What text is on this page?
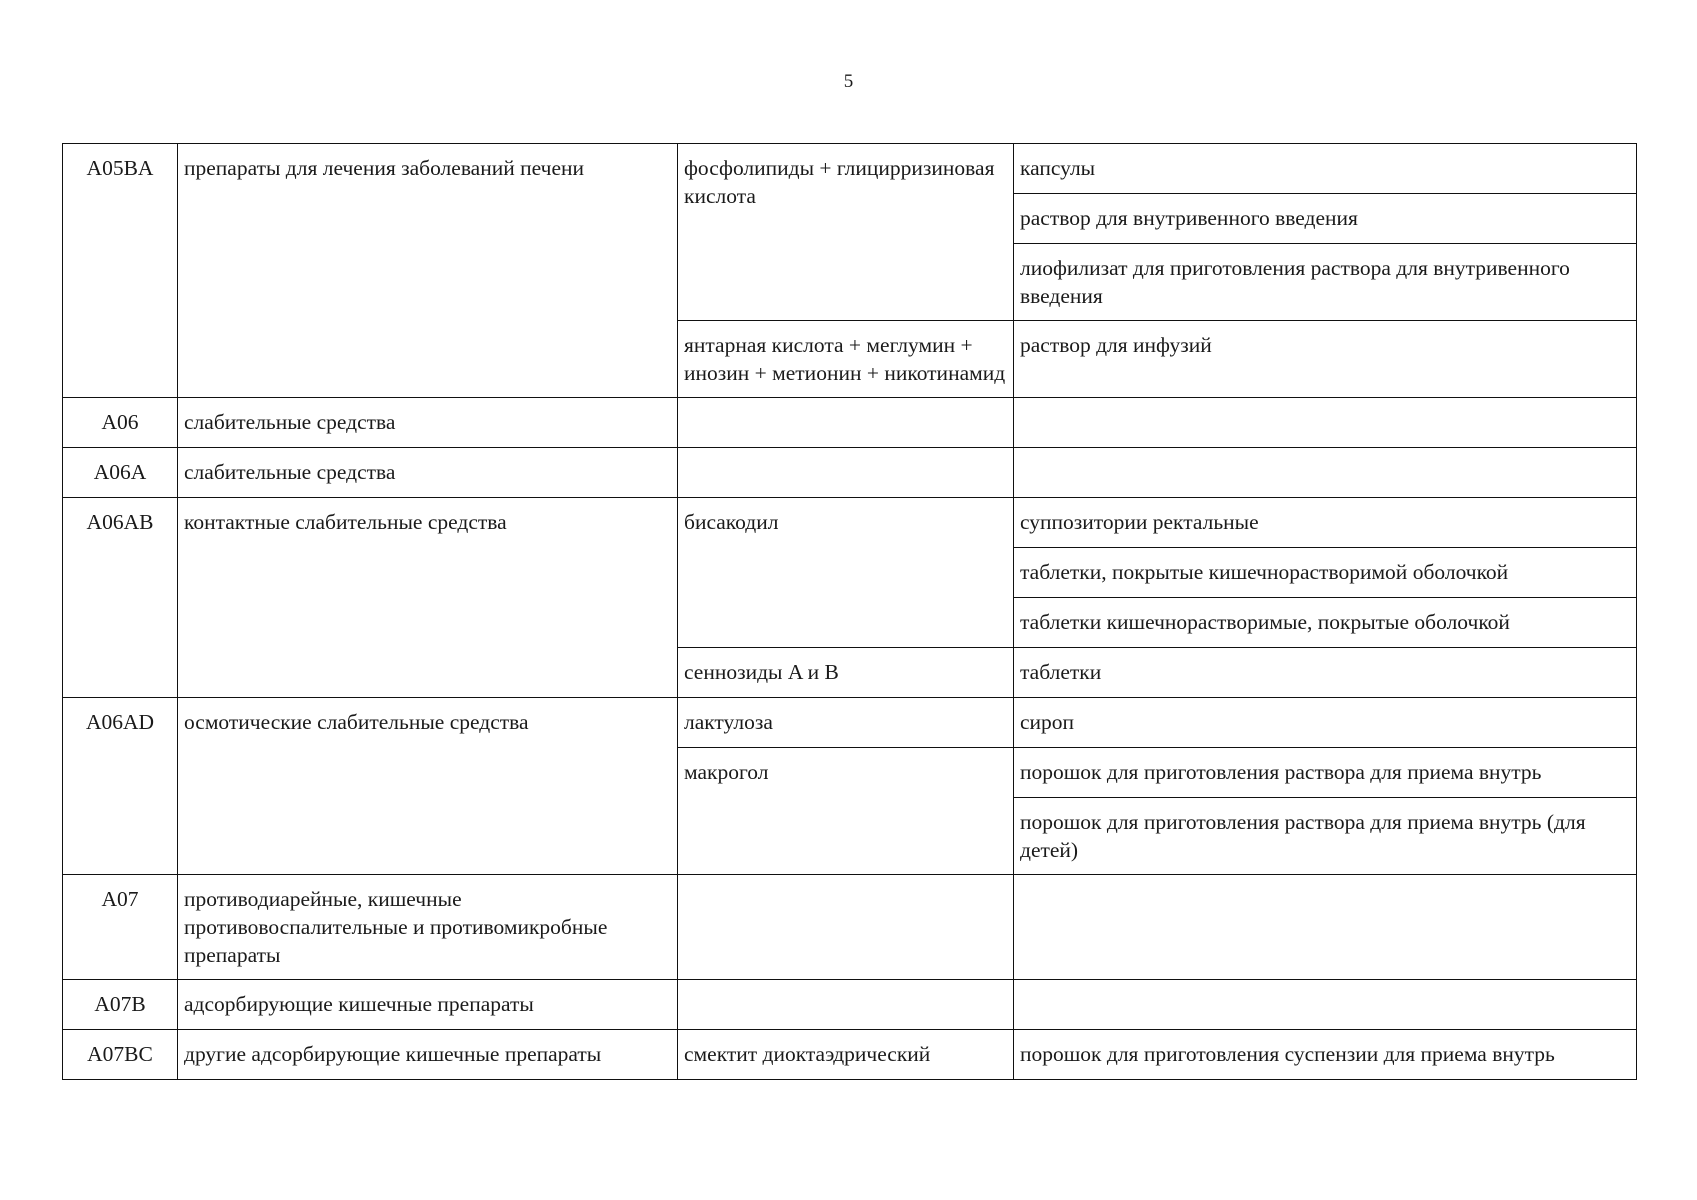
5
A05BA	препараты для лечения заболеваний печени	фосфолипиды + глицирризиновая кислота	капсулы
			раствор для внутривенного введения
			лиофилизат для приготовления раствора для внутривенного введения
		янтарная кислота + меглумин + инозин + метионин + никотинамид	раствор для инфузий
A06	слабительные средства		
A06A	слабительные средства		
A06AB	контактные слабительные средства	бисакодил	суппозитории ректальные
			таблетки, покрытые кишечнорастворимой оболочкой
			таблетки кишечнорастворимые, покрытые оболочкой
		сеннозиды A и B	таблетки
A06AD	осмотические слабительные средства	лактулоза	сироп
		макрогол	порошок для приготовления раствора для приема внутрь
			порошок для приготовления раствора для приема внутрь (для детей)
A07	противодиарейные, кишечные противовоспалительные и противомикробные препараты		
A07B	адсорбирующие кишечные препараты		
A07BC	другие адсорбирующие кишечные препараты	смектит диоктаэдрический	порошок для приготовления суспензии для приема внутрь
